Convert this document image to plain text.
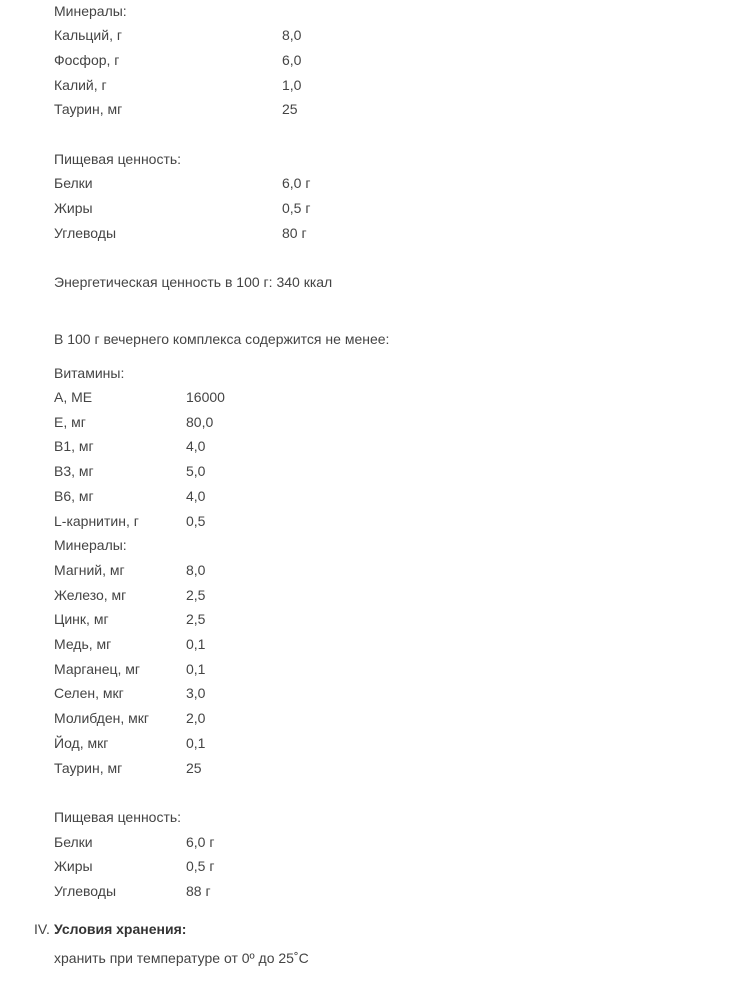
Минералы:
Кальций, г	8,0
Фосфор, г	6,0
Калий, г	1,0
Таурин, мг	25
Пищевая ценность:
Белки	6,0 г
Жиры	0,5 г
Углеводы	80 г
Энергетическая ценность в 100 г: 340 ккал
В 100 г вечернего комплекса содержится не менее:
Витамины:
А, МЕ	16000
Е, мг	80,0
В1, мг	4,0
В3, мг	5,0
В6, мг	4,0
L-карнитин, г	0,5
Минералы:
Магний, мг	8,0
Железо, мг	2,5
Цинк, мг	2,5
Медь, мг	0,1
Марганец, мг	0,1
Селен, мкг	3,0
Молибден, мкг	2,0
Йод, мкг	0,1
Таурин, мг	25
Пищевая ценность:
Белки	6,0 г
Жиры	0,5 г
Углеводы	88 г
IV. Условия хранения:
хранить при температуре от 0º до 25˚С
